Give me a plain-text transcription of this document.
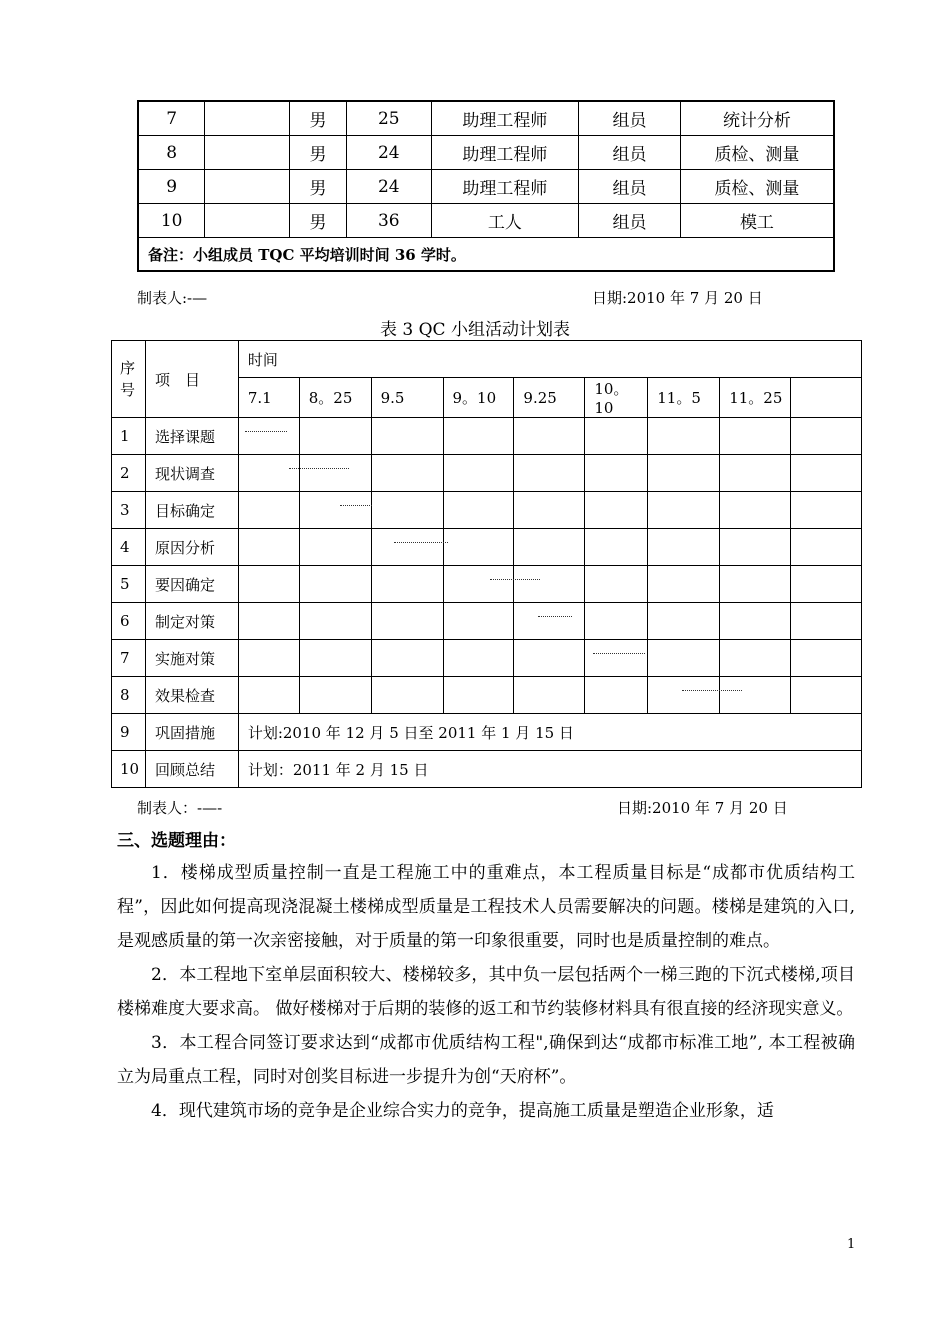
7		男	25	助理工程师	组员	统计分析
8		男	24	助理工程师	组员	质检、测量
9		男	24	助理工程师	组员	质检、测量
10		男	36	工人	组员	模工
备注：小组成员 TQC 平均培训时间 36 学时。						
制表人:-—	日期:2010 年 7 月 20 日
表 3 QC 小组活动计划表
序号	项　目	时间								
		7.1	8。25	9.5	9。10	9.25	10。10	11。5	11。25	
1	选择课题	

2	现状调查	

3	目标确定		

4	原因分析			

5	要因确定				

6	制定对策					

7	实施对策						

8	效果检查							

9	巩固措施	计划:2010 年 12 月 5 日至 2011 年 1 月 15 日								
10	回顾总结	计划：2011 年 2 月 15 日								
制表人：-—-	日期:2010 年 7 月 20 日
三、选题理由：

1．楼梯成型质量控制一直是工程施工中的重难点，本工程质量目标是“成都市优质结构工程”，因此如何提高现浇混凝土楼梯成型质量是工程技术人员需要解决的问题。楼梯是建筑的入口,是观感质量的第一次亲密接触，对于质量的第一印象很重要，同时也是质量控制的难点。

2．本工程地下室单层面积较大、楼梯较多，其中负一层包括两个一梯三跑的下沉式楼梯,项目楼梯难度大要求高。 做好楼梯对于后期的装修的返工和节约装修材料具有很直接的经济现实意义。

3．本工程合同签订要求达到“成都市优质结构工程",确保到达“成都市标准工地”, 本工程被确立为局重点工程，同时对创奖目标进一步提升为创“天府杯”。

4．现代建筑市场的竞争是企业综合实力的竞争，提高施工质量是塑造企业形象，适

1
